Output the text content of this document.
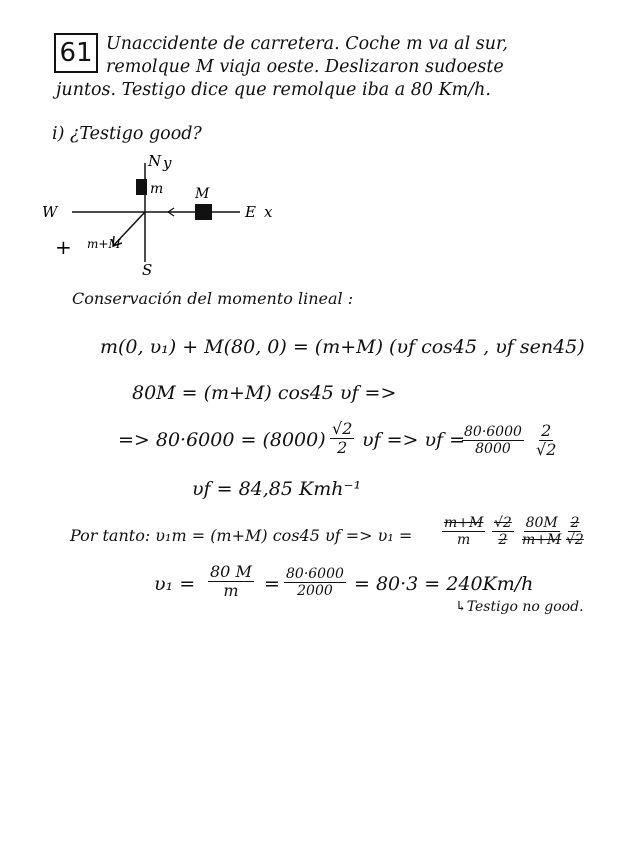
61 Unaccidente de carretera. Coche m va al sur,
remolque M viaja oeste. Deslizaron sudoeste
juntos. Testigo dice que remolque iba a 80 Km/h.
i) ¿Testigo good?
N y
S
W	E x
m M
m+M
+
Conservación del momento lineal :
m(0, υ₁) + M(80, 0) = (m+M) (υf cos45 , υf sen45)
80M = (m+M) cos45 υf =>
=> $80\cdot 6000 = (8000) \frac{√2}{2}$ υf => υf =
$\frac{80\cdot 6000}{8000} \frac{2}{√2}$
υf = 84,85 Kmh⁻¹
Por tanto: υ₁m = (m+M) cos45 $\upsilon f => \upsilon_1 = \frac{m+M}{m} \frac{√2}{2} \frac{80M}{m+M} \frac{2}{√2}$
$\upsilon_1 = \frac{80 M}{m} = \frac{80\cdot 6000}{2000} = 80\cdot 3 = 240Km/h$
↳Testigo no good.
